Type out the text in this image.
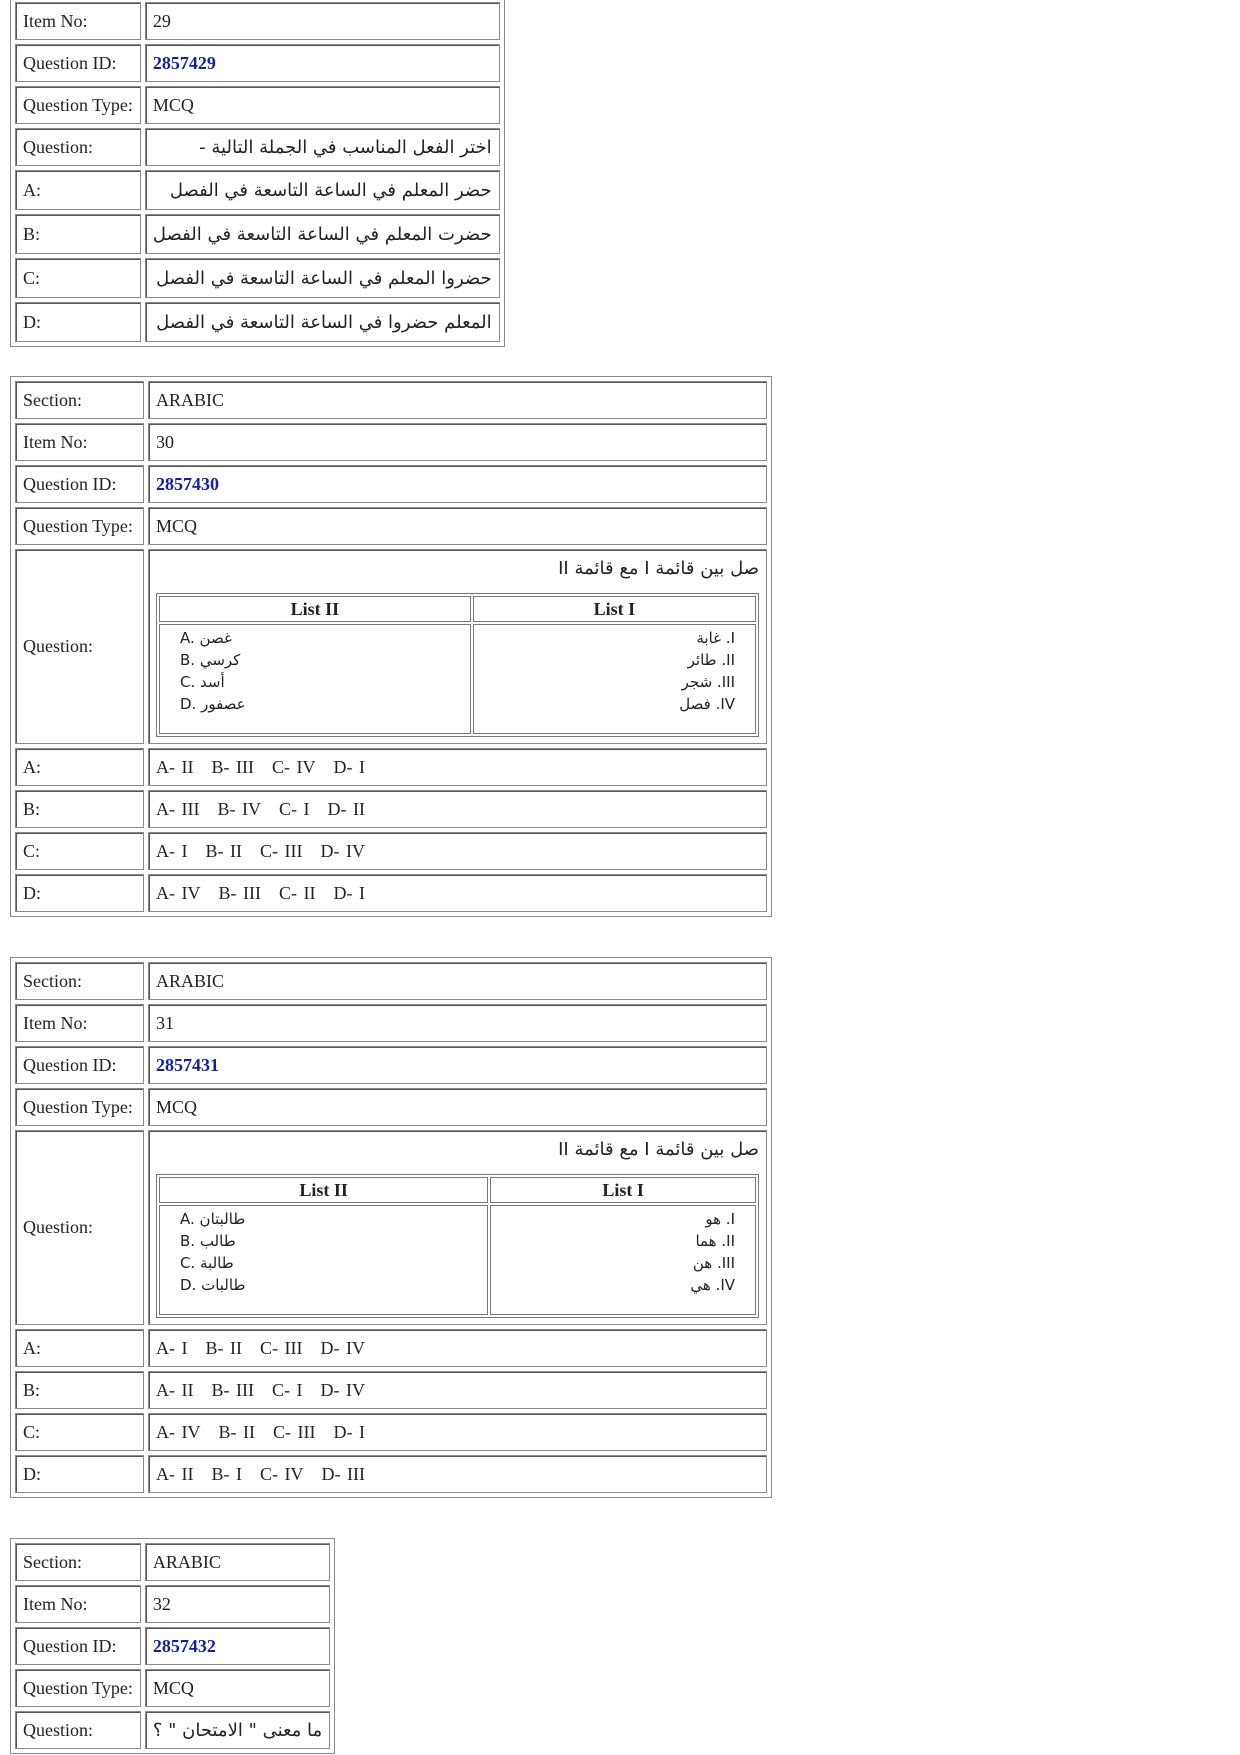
Item No:	29
Question ID:	2857429
Question Type:	MCQ
Question:	اختر الفعل المناسب في الجملة التالية -
A:	حضر المعلم في الساعة التاسعة في الفصل
B:	حضرت المعلم في الساعة التاسعة في الفصل
C:	حضروا المعلم في الساعة التاسعة في الفصل
D:	المعلم حضروا في الساعة التاسعة في الفصل
Section:	ARABIC
Item No:	30
Question ID:	2857430
Question Type:	MCQ
Question:	
صل بين قائمة I مع قائمة II
List II	List I

A. غصن
B. كرسي
C. أسد
D. عصفور

I. غابة
II. طائر
III. شجر
IV. فصل

A:	A- II B- III C- IV D- I
B:	A- III B- IV C- I D- II
C:	A- I B- II C- III D- IV
D:	A- IV B- III C- II D- I
Section:	ARABIC
Item No:	31
Question ID:	2857431
Question Type:	MCQ
Question:	
صل بين قائمة I مع قائمة II
List II	List I

A. طالبتان
B. طالب
C. طالبة
D. طالبات

I. هو
II. هما
III. هن
IV. هي

A:	A- I B- II C- III D- IV
B:	A- II B- III C- I D- IV
C:	A- IV B- II C- III D- I
D:	A- II B- I C- IV D- III
Section:	ARABIC
Item No:	32
Question ID:	2857432
Question Type:	MCQ
Question:	ما معنى " الامتحان " ؟
